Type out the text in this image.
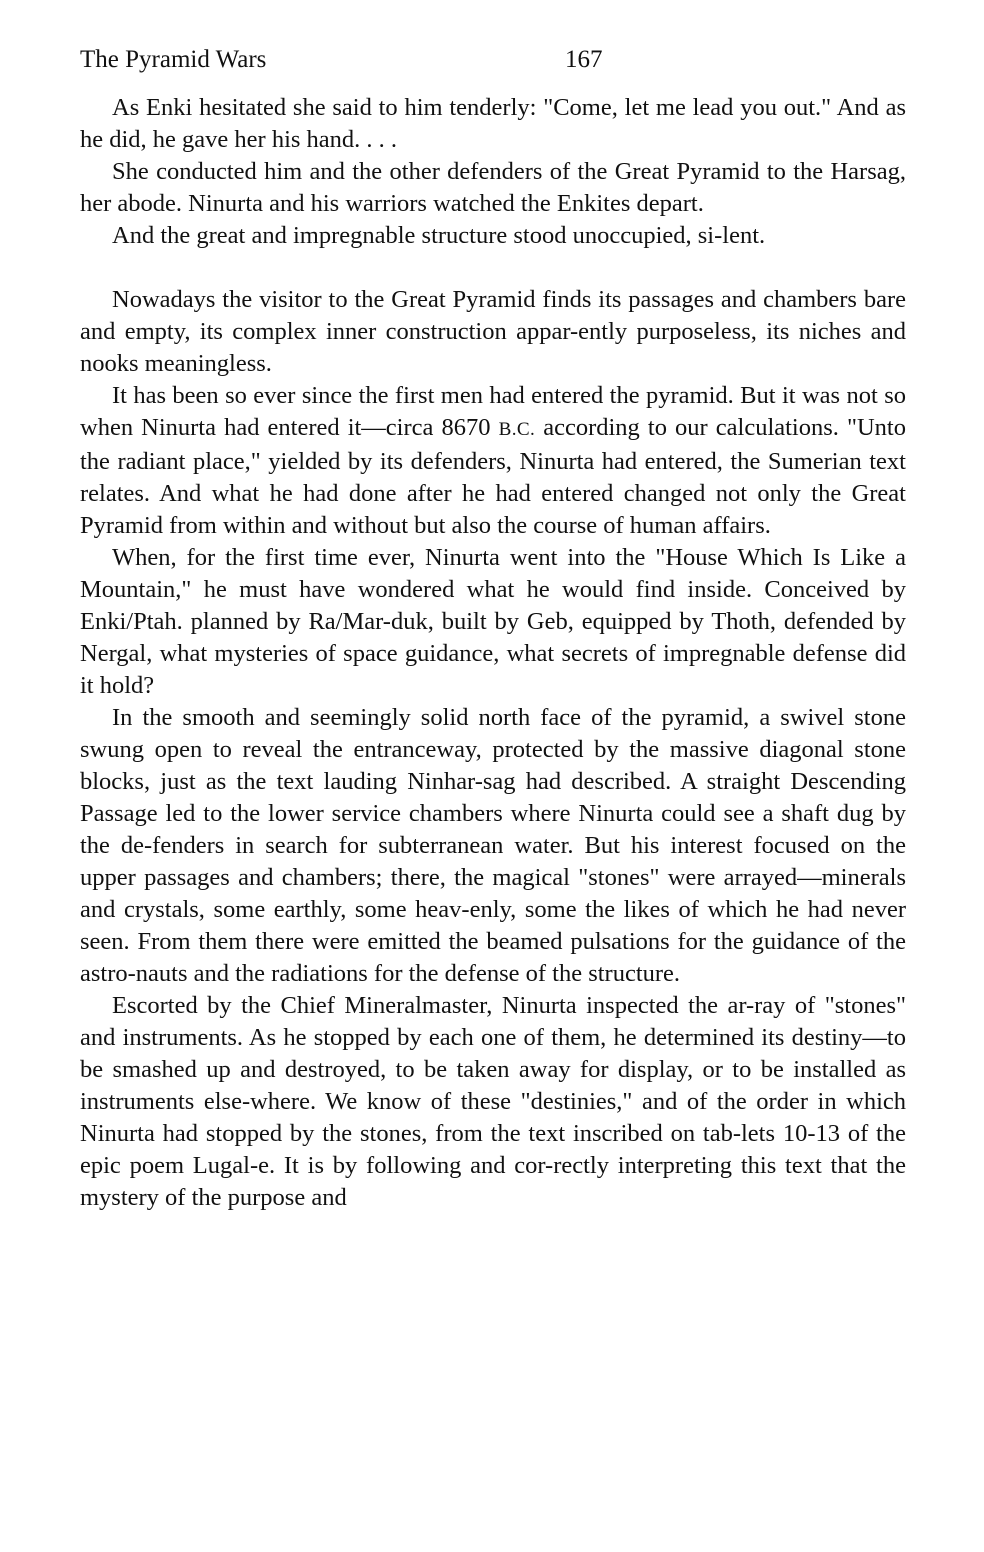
The Pyramid Wars	167

As Enki hesitated she said to him tenderly: "Come, let me lead you out." And as he did, he gave her his hand. . . .

She conducted him and the other defenders of the Great Pyramid to the Harsag, her abode. Ninurta and his warriors watched the Enkites depart.

And the great and impregnable structure stood unoccupied, si-lent.

Nowadays the visitor to the Great Pyramid finds its passages and chambers bare and empty, its complex inner construction appar-ently purposeless, its niches and nooks meaningless.

It has been so ever since the first men had entered the pyramid. But it was not so when Ninurta had entered it—circa 8670 B.C. according to our calculations. "Unto the radiant place," yielded by its defenders, Ninurta had entered, the Sumerian text relates. And what he had done after he had entered changed not only the Great Pyramid from within and without but also the course of human affairs.

When, for the first time ever, Ninurta went into the "House Which Is Like a Mountain," he must have wondered what he would find inside. Conceived by Enki/Ptah. planned by Ra/Mar-duk, built by Geb, equipped by Thoth, defended by Nergal, what mysteries of space guidance, what secrets of impregnable defense did it hold?

In the smooth and seemingly solid north face of the pyramid, a swivel stone swung open to reveal the entranceway, protected by the massive diagonal stone blocks, just as the text lauding Ninhar-sag had described. A straight Descending Passage led to the lower service chambers where Ninurta could see a shaft dug by the de-fenders in search for subterranean water. But his interest focused on the upper passages and chambers; there, the magical "stones" were arrayed—minerals and crystals, some earthly, some heav-enly, some the likes of which he had never seen. From them there were emitted the beamed pulsations for the guidance of the astro-nauts and the radiations for the defense of the structure.

Escorted by the Chief Mineralmaster, Ninurta inspected the ar-ray of "stones" and instruments. As he stopped by each one of them, he determined its destiny—to be smashed up and destroyed, to be taken away for display, or to be installed as instruments else-where. We know of these "destinies," and of the order in which Ninurta had stopped by the stones, from the text inscribed on tab-lets 10-13 of the epic poem Lugal-e. It is by following and cor-rectly interpreting this text that the mystery of the purpose and
